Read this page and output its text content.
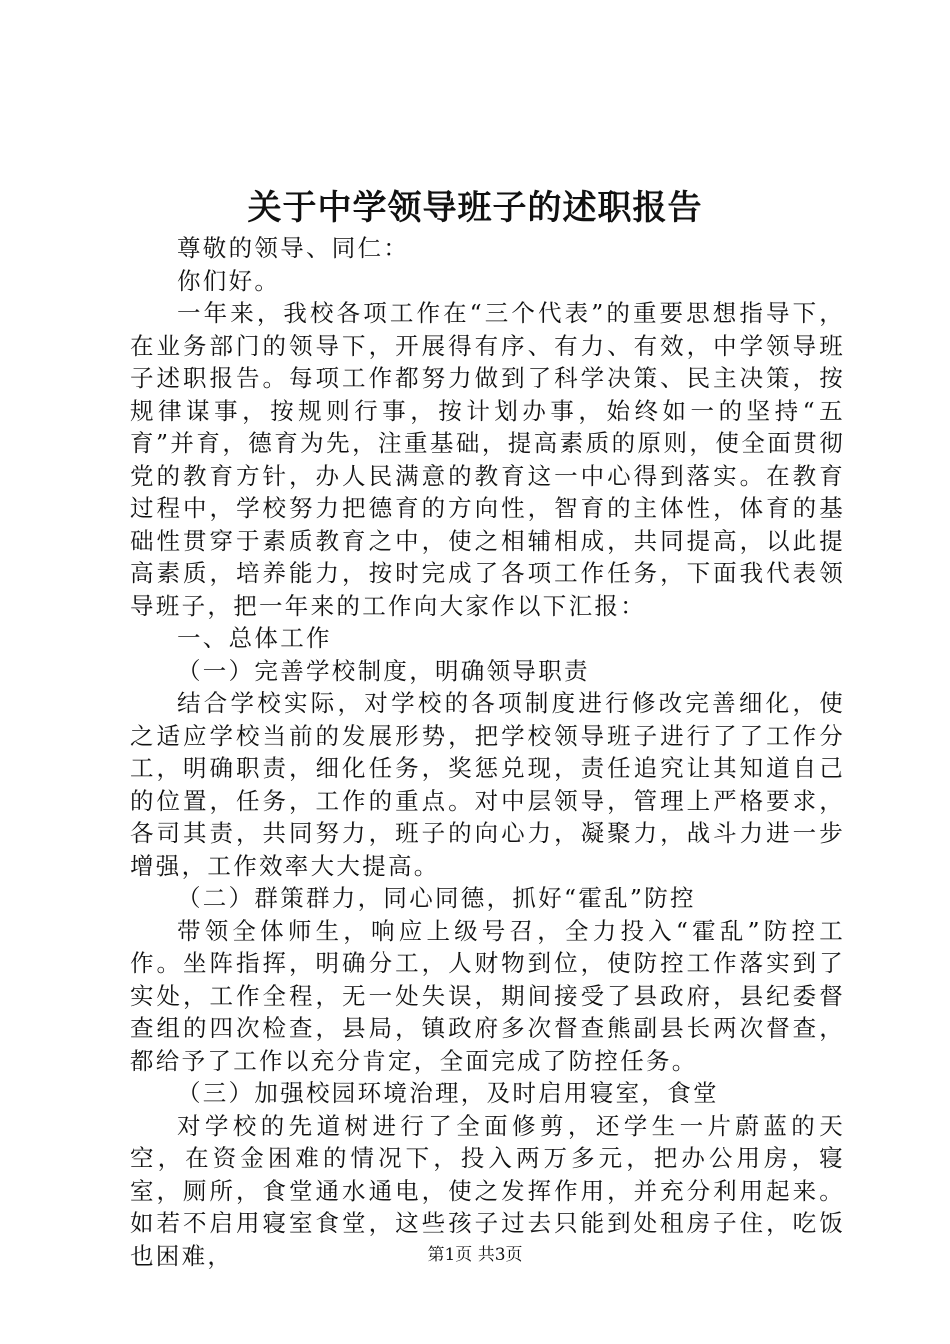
关于中学领导班子的述职报告

尊敬的领导、同仁：

你们好。

一年来，我校各项工作在“三个代表”的重要思想指导下，在业务部门的领导下，开展得有序、有力、有效，中学领导班子述职报告。每项工作都努力做到了科学决策、民主决策，按规律谋事，按规则行事，按计划办事，始终如一的坚持“五育”并育，德育为先，注重基础，提高素质的原则，使全面贯彻党的教育方针，办人民满意的教育这一中心得到落实。在教育过程中，学校努力把德育的方向性，智育的主体性，体育的基础性贯穿于素质教育之中，使之相辅相成，共同提高，以此提高素质，培养能力，按时完成了各项工作任务，下面我代表领导班子，把一年来的工作向大家作以下汇报：

一、总体工作

（一）完善学校制度，明确领导职责

结合学校实际，对学校的各项制度进行修改完善细化，使之适应学校当前的发展形势，把学校领导班子进行了了工作分工，明确职责，细化任务，奖惩兑现，责任追究让其知道自己的位置，任务，工作的重点。对中层领导，管理上严格要求，各司其责，共同努力，班子的向心力，凝聚力，战斗力进一步增强，工作效率大大提高。

（二）群策群力，同心同德，抓好“霍乱”防控

带领全体师生，响应上级号召，全力投入“霍乱”防控工作。坐阵指挥，明确分工，人财物到位，使防控工作落实到了实处，工作全程，无一处失误，期间接受了县政府，县纪委督查组的四次检查，县局，镇政府多次督查熊副县长两次督查，都给予了工作以充分肯定，全面完成了防控任务。

（三）加强校园环境治理，及时启用寝室，食堂

对学校的先道树进行了全面修剪，还学生一片蔚蓝的天空，在资金困难的情况下，投入两万多元，把办公用房，寝室，厕所，食堂通水通电，使之发挥作用，并充分利用起来。如若不启用寝室食堂，这些孩子过去只能到处租房子住，吃饭也困难，	第1页 共3页
